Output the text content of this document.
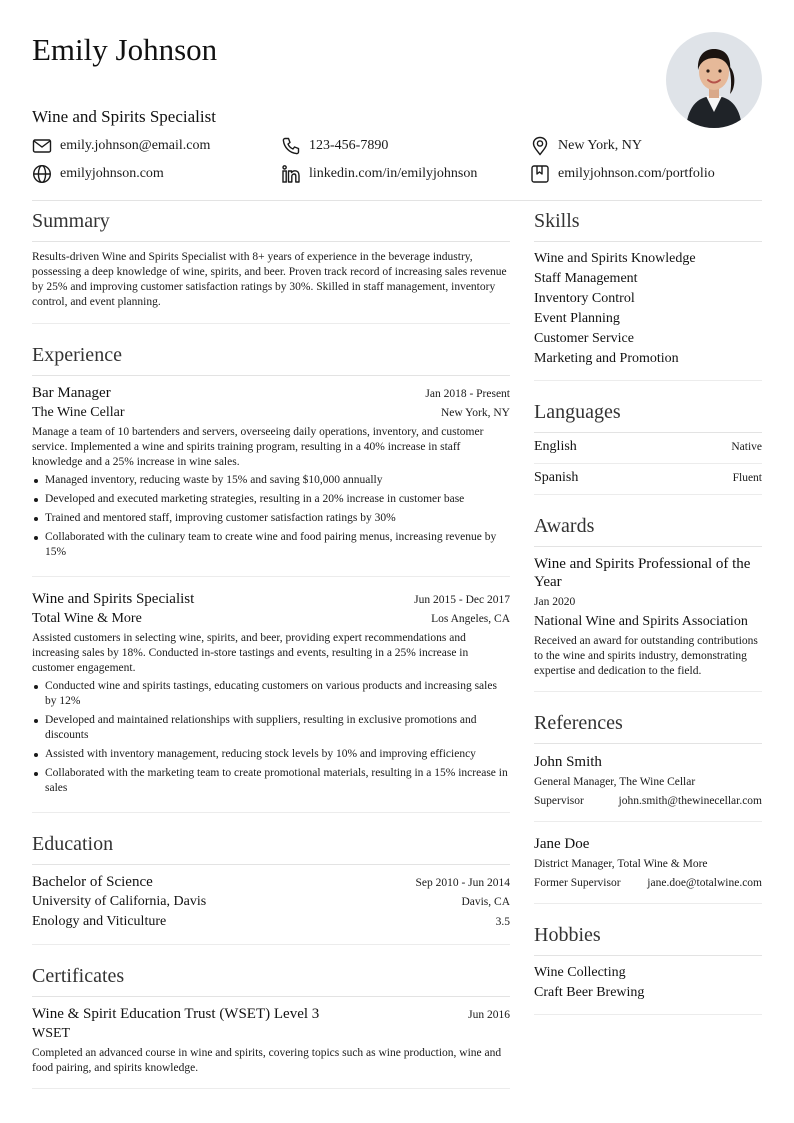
Emily Johnson
Wine and Spirits Specialist
emily.johnson@email.com	123-456-7890	New York, NY
emilyjohnson.com	linkedin.com/in/emilyjohnson	emilyjohnson.com/portfolio
Summary
Results-driven Wine and Spirits Specialist with 8+ years of experience in the beverage industry, possessing a deep knowledge of wine, spirits, and beer. Proven track record of increasing sales revenue by 25% and improving customer satisfaction ratings by 30%. Skilled in staff management, inventory control, and event planning.
Experience
Bar Manager	Jan 2018 - Present
The Wine Cellar	New York, NY
Manage a team of 10 bartenders and servers, overseeing daily operations, inventory, and customer service. Implemented a wine and spirits training program, resulting in a 40% increase in staff knowledge and a 25% increase in wine sales.
Managed inventory, reducing waste by 15% and saving $10,000 annually
Developed and executed marketing strategies, resulting in a 20% increase in customer base
Trained and mentored staff, improving customer satisfaction ratings by 30%
Collaborated with the culinary team to create wine and food pairing menus, increasing revenue by 15%
Wine and Spirits Specialist	Jun 2015 - Dec 2017
Total Wine & More	Los Angeles, CA
Assisted customers in selecting wine, spirits, and beer, providing expert recommendations and increasing sales by 18%. Conducted in-store tastings and events, resulting in a 25% increase in customer engagement.
Conducted wine and spirits tastings, educating customers on various products and increasing sales by 12%
Developed and maintained relationships with suppliers, resulting in exclusive promotions and discounts
Assisted with inventory management, reducing stock levels by 10% and improving efficiency
Collaborated with the marketing team to create promotional materials, resulting in a 15% increase in sales
Education
Bachelor of Science	Sep 2010 - Jun 2014
University of California, Davis	Davis, CA
Enology and Viticulture	3.5
Certificates
Wine & Spirit Education Trust (WSET) Level 3	Jun 2016
WSET
Completed an advanced course in wine and spirits, covering topics such as wine production, wine and food pairing, and spirits knowledge.
Skills
Wine and Spirits Knowledge
Staff Management
Inventory Control
Event Planning
Customer Service
Marketing and Promotion
Languages
English	Native
Spanish	Fluent
Awards
Wine and Spirits Professional of the Year
Jan 2020
National Wine and Spirits Association
Received an award for outstanding contributions to the wine and spirits industry, demonstrating expertise and dedication to the field.
References
John Smith
General Manager, The Wine Cellar
Supervisor	john.smith@thewinecellar.com
Jane Doe
District Manager, Total Wine & More
Former Supervisor jane.doe@totalwine.com
Hobbies
Wine Collecting
Craft Beer Brewing
